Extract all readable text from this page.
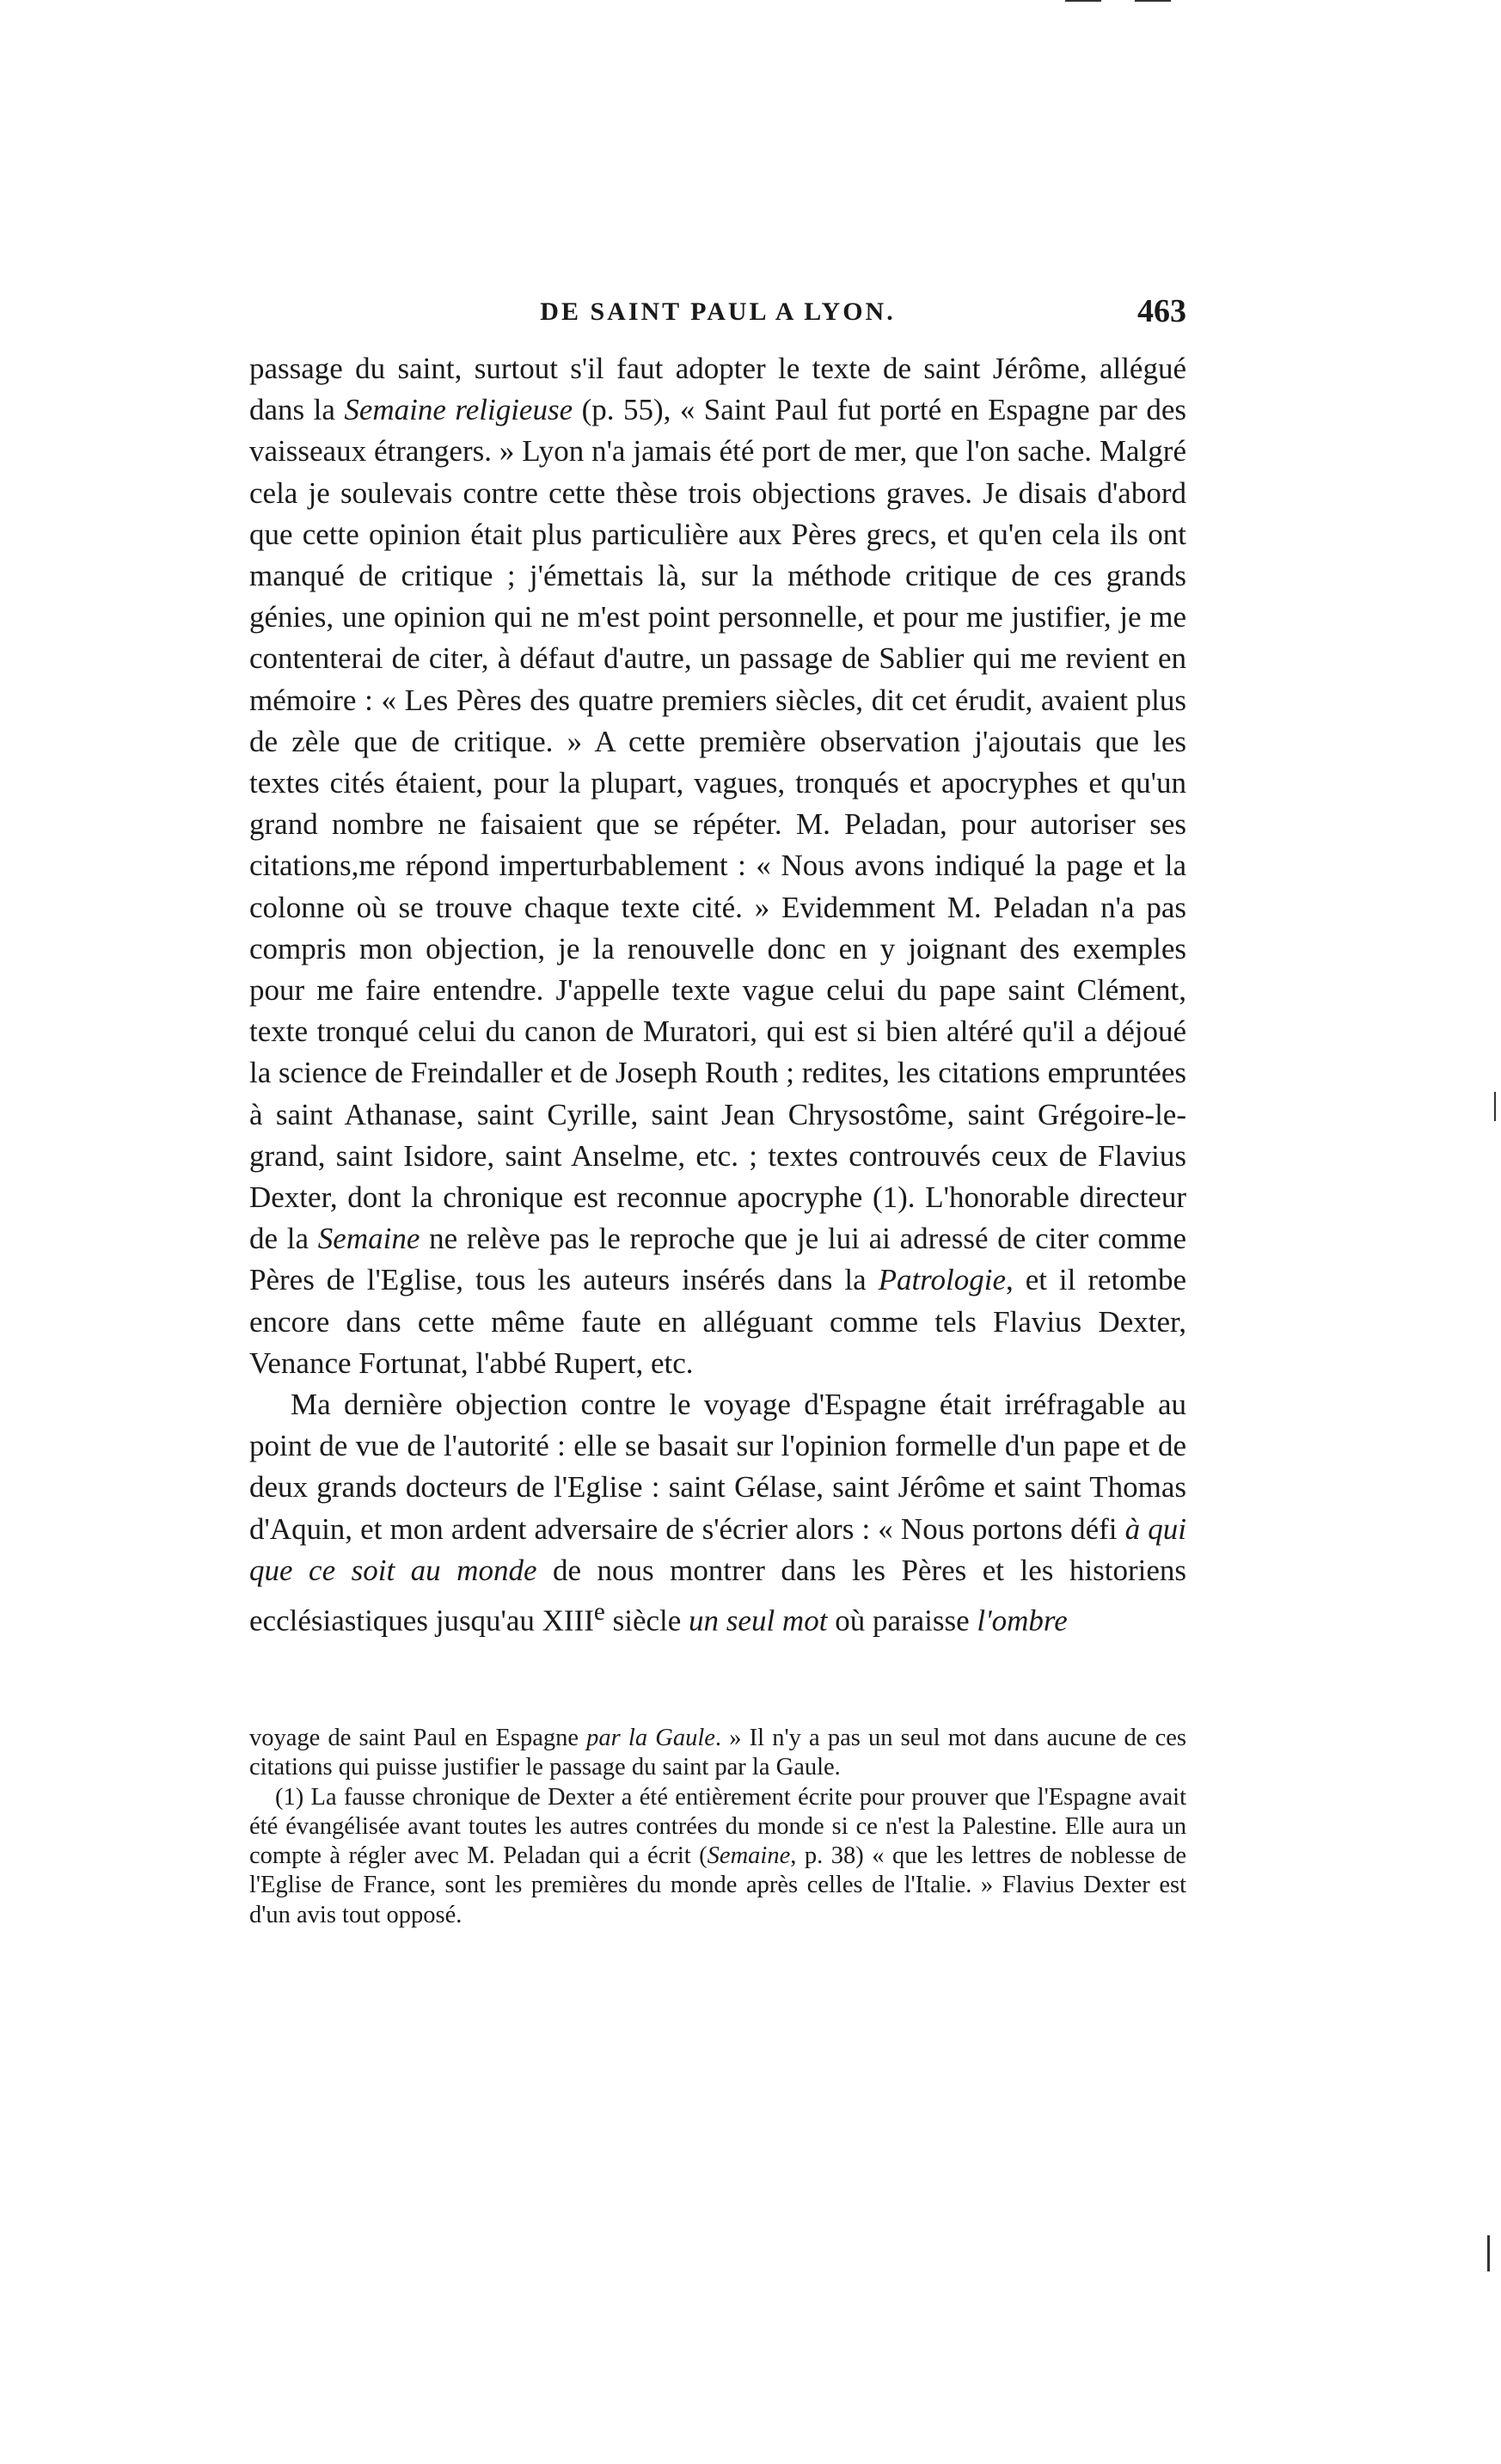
DE SAINT PAUL A LYON.	463

passage du saint, surtout s'il faut adopter le texte de saint Jérôme, allégué dans la Semaine religieuse (p. 55), « Saint Paul fut porté en Espagne par des vaisseaux étrangers. » Lyon n'a jamais été port de mer, que l'on sache. Malgré cela je soulevais contre cette thèse trois objections graves. Je disais d'abord que cette opinion était plus particulière aux Pères grecs, et qu'en cela ils ont manqué de critique ; j'émettais là, sur la méthode critique de ces grands génies, une opinion qui ne m'est point personnelle, et pour me justifier, je me contenterai de citer, à défaut d'autre, un passage de Sablier qui me revient en mémoire : « Les Pères des quatre premiers siècles, dit cet érudit, avaient plus de zèle que de critique. » A cette première observation j'ajoutais que les textes cités étaient, pour la plupart, vagues, tronqués et apocryphes et qu'un grand nombre ne faisaient que se répéter. M. Peladan, pour autoriser ses citations,me répond imperturbablement : « Nous avons indiqué la page et la colonne où se trouve chaque texte cité. » Evidemment M. Peladan n'a pas compris mon objection, je la renouvelle donc en y joignant des exemples pour me faire entendre. J'appelle texte vague celui du pape saint Clément, texte tronqué celui du canon de Muratori, qui est si bien altéré qu'il a déjoué la science de Freindaller et de Joseph Routh ; redites, les citations empruntées à saint Athanase, saint Cyrille, saint Jean Chrysostôme, saint Grégoire-le-grand, saint Isidore, saint Anselme, etc. ; textes controuvés ceux de Flavius Dexter, dont la chronique est reconnue apocryphe (1). L'honorable directeur de la Semaine ne relève pas le reproche que je lui ai adressé de citer comme Pères de l'Eglise, tous les auteurs insérés dans la Patrologie, et il retombe encore dans cette même faute en alléguant comme tels Flavius Dexter, Venance Fortunat, l'abbé Rupert, etc.

Ma dernière objection contre le voyage d'Espagne était irréfragable au point de vue de l'autorité : elle se basait sur l'opinion formelle d'un pape et de deux grands docteurs de l'Eglise : saint Gélase, saint Jérôme et saint Thomas d'Aquin, et mon ardent adversaire de s'écrier alors : « Nous portons défi à qui que ce soit au monde de nous montrer dans les Pères et les historiens ecclésiastiques jusqu'au XIIIe siècle un seul mot où paraisse l'ombre

voyage de saint Paul en Espagne par la Gaule. » Il n'y a pas un seul mot dans aucune de ces citations qui puisse justifier le passage du saint par la Gaule.

(1) La fausse chronique de Dexter a été entièrement écrite pour prouver que l'Espagne avait été évangélisée avant toutes les autres contrées du monde si ce n'est la Palestine. Elle aura un compte à régler avec M. Peladan qui a écrit (Semaine, p. 38) « que les lettres de noblesse de l'Eglise de France, sont les premières du monde après celles de l'Italie. » Flavius Dexter est d'un avis tout opposé.
